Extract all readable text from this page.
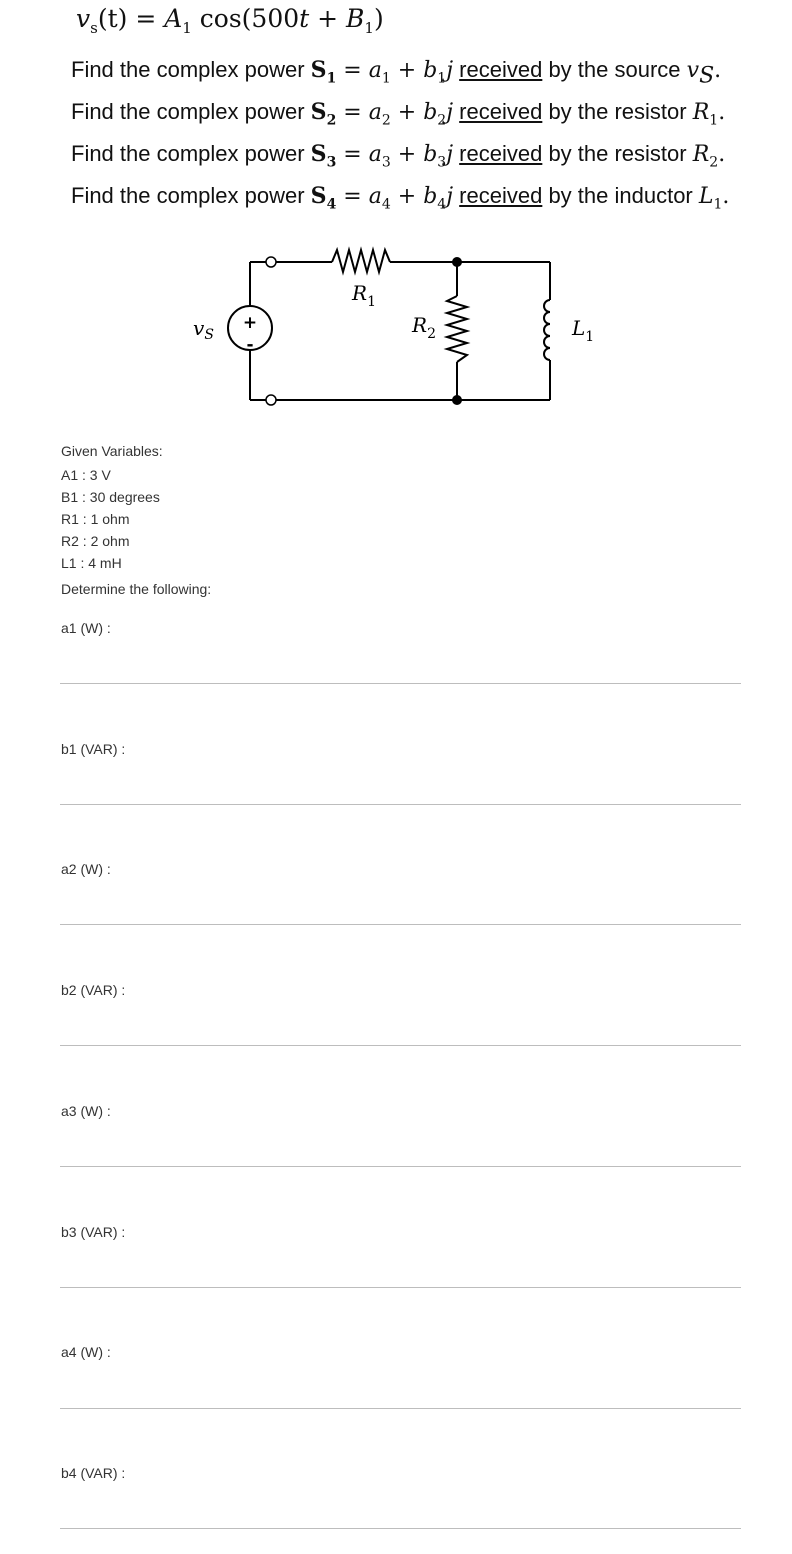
$v_s(t) = A_1$ $\cos(500t + B_1)$
Find the complex power $S_1 = a_1 + b_1j$ received by the source $v_S$.
Find the complex power $S_2 = a_2 + b_2j$ received by the resistor $R_1$.
Find the complex power $S_3 = a_3 + b_3j$ received by the resistor $R_2$.
Find the complex power $S_4 = a_4 + b_4j$ received by the inductor $L_1$.
+
-
$v_S$
$R_1$
$R_2$	$L_1$
Given Variables:
A1 : 3 V
B1 : 30 degrees
R1 : 1 ohm
R2 : 2 ohm
L1 : 4 mH
Determine the following:
a1 (W) :
b1 (VAR) :
a2 (W) :
b2 (VAR) :
a3 (W) :
b3 (VAR) :
a4 (W) :
b4 (VAR) :
